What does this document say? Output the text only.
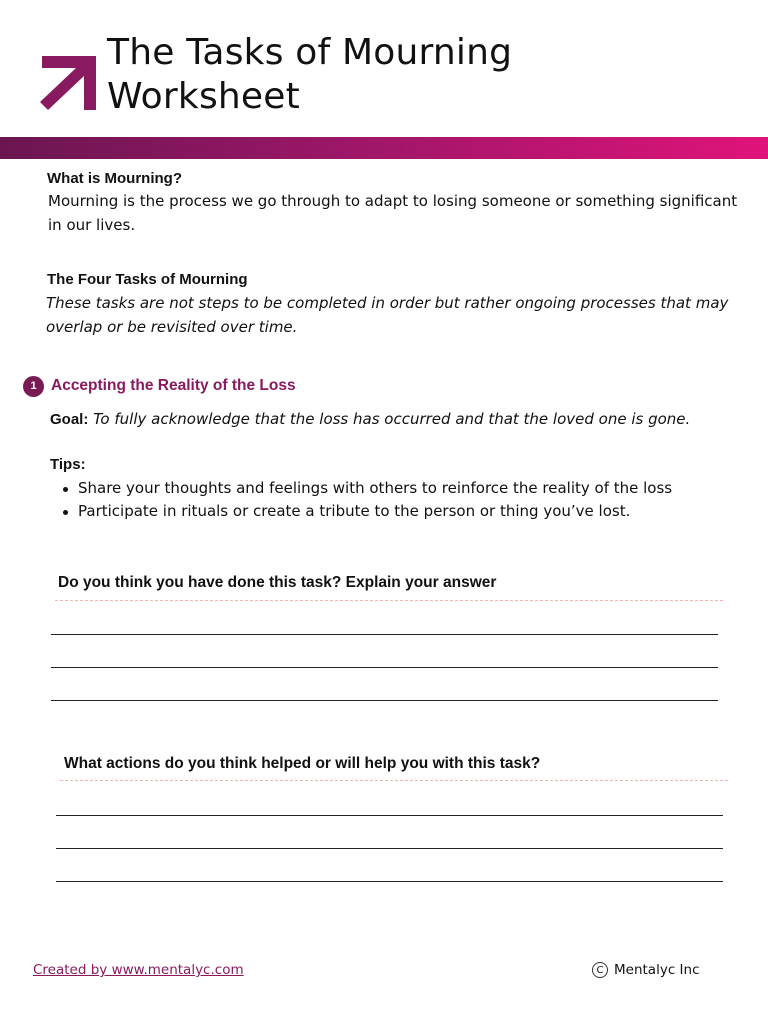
The Tasks of Mourning
Worksheet
What is Mourning?
Mourning is the process we go through to adapt to losing someone or something significant in our lives.
The Four Tasks of Mourning
These tasks are not steps to be completed in order but rather ongoing processes that may overlap or be revisited over time.
1 Accepting the Reality of the Loss
Goal: To fully acknowledge that the loss has occurred and that the loved one is gone.
Tips:
Share your thoughts and feelings with others to reinforce the reality of the loss
Participate in rituals or create a tribute to the person or thing you’ve lost.
Do you think you have done this task? Explain your answer
What actions do you think helped or will help you with this task?
Created by www.mentalyc.com	C Mentalyc Inc
